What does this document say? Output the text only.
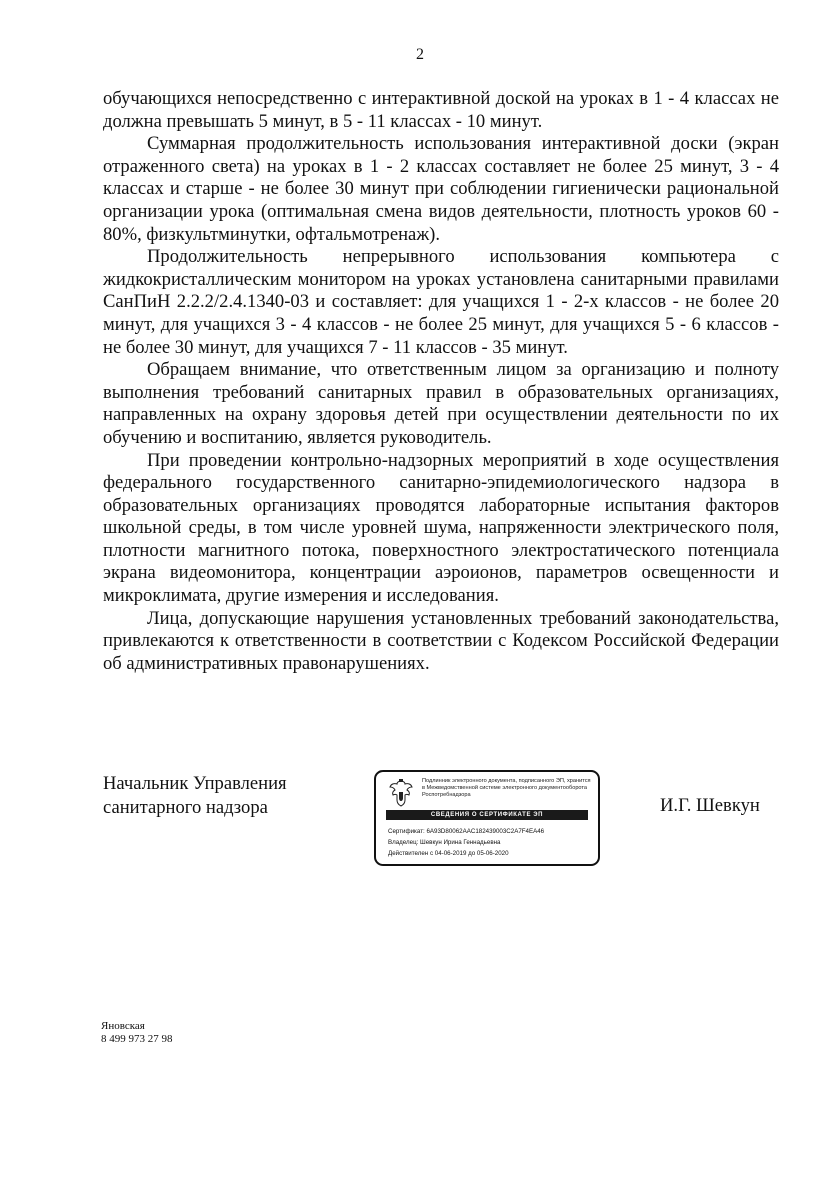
2

обучающихся непосредственно с интерактивной доской на уроках в 1 - 4 классах не должна превышать 5 минут, в 5 - 11 классах - 10 минут.

Суммарная продолжительность использования интерактивной доски (экран отраженного света) на уроках в 1 - 2 классах составляет не более 25 минут, 3 - 4 классах и старше - не более 30 минут при соблюдении гигиенически рациональной организации урока (оптимальная смена видов деятельности, плотность уроков 60 - 80%, физкультминутки, офтальмотренаж).

Продолжительность непрерывного использования компьютера с жидкокристаллическим монитором на уроках установлена санитарными правилами СанПиН 2.2.2/2.4.1340-03 и составляет: для учащихся 1 - 2-х классов - не более 20 минут, для учащихся 3 - 4 классов - не более 25 минут, для учащихся 5 - 6 классов - не более 30 минут, для учащихся 7 - 11 классов - 35 минут.

Обращаем внимание, что ответственным лицом за организацию и полноту выполнения требований санитарных правил в образовательных организациях, направленных на охрану здоровья детей при осуществлении деятельности по их обучению и воспитанию, является руководитель.

При проведении контрольно-надзорных мероприятий в ходе осуществления федерального государственного санитарно-эпидемиологического надзора в образовательных организациях проводятся лабораторные испытания факторов школьной среды, в том числе уровней шума, напряженности электрического поля, плотности магнитного потока, поверхностного электростатического потенциала экрана видеомонитора, концентрации аэроионов, параметров освещенности и микроклимата, другие измерения и исследования.

Лица, допускающие нарушения установленных требований законодательства, привлекаются к ответственности в соответствии с Кодексом Российской Федерации об административных правонарушениях.

Начальник Управления
санитарного надзора
Подлинник электронного документа, подписанного ЭП, хранится в Межведомственной системе электронного документооборота Роспотребнадзора
СВЕДЕНИЯ О СЕРТИФИКАТЕ ЭП
Сертификат: 6A93D80062AAC182439003C2A7F4EA46
Владелец: Шевкун Ирина Геннадьевна
Действителен с 04-06-2019 до 05-06-2020
И.Г. Шевкун
Яновская
8 499 973 27 98
